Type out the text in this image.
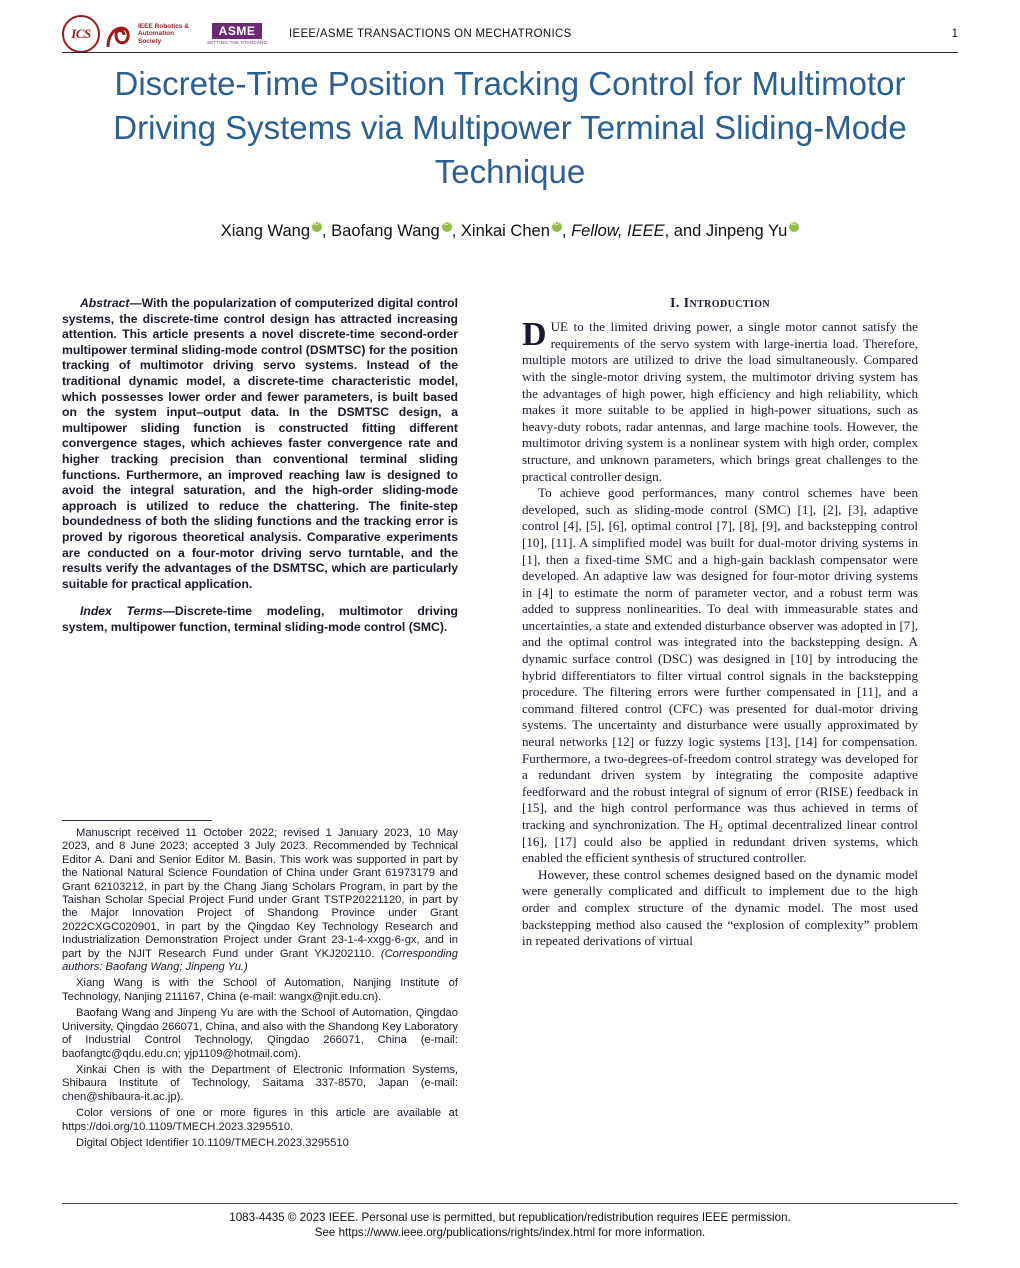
ICS	IEEE Robotics & Automation Society
ASME
SETTING THE STANDARD
IEEE/ASME TRANSACTIONS ON MECHATRONICS	1
Discrete-Time Position Tracking Control for Multimotor Driving Systems via Multipower Terminal Sliding-Mode Technique
Xiang Wang iD , Baofang Wang iD , Xinkai Chen iD , Fellow, IEEE, and Jinpeng YuiD

Abstract—With the popularization of computerized digital control systems, the discrete-time control design has attracted increasing attention. This article presents a novel discrete-time second-order multipower terminal sliding-mode control (DSMTSC) for the position tracking of multimotor driving servo systems. Instead of the traditional dynamic model, a discrete-time characteristic model, which possesses lower order and fewer parameters, is built based on the system input–output data. In the DSMTSC design, a multipower sliding function is constructed fitting different convergence stages, which achieves faster convergence rate and higher tracking precision than conventional terminal sliding functions. Furthermore, an improved reaching law is designed to avoid the integral saturation, and the high-order sliding-mode approach is utilized to reduce the chattering. The finite-step boundedness of both the sliding functions and the tracking error is proved by rigorous theoretical analysis. Comparative experiments are conducted on a four-motor driving servo turntable, and the results verify the advantages of the DSMTSC, which are particularly suitable for practical application.

Index Terms—Discrete-time modeling, multimotor driving system, multipower function, terminal sliding-mode control (SMC).

Manuscript received 11 October 2022; revised 1 January 2023, 10 May 2023, and 8 June 2023; accepted 3 July 2023. Recommended by Technical Editor A. Dani and Senior Editor M. Basin. This work was supported in part by the National Natural Science Foundation of China under Grant 61973179 and Grant 62103212, in part by the Chang Jiang Scholars Program, in part by the Taishan Scholar Special Project Fund under Grant TSTP20221120, in part by the Major Innovation Project of Shandong Province under Grant 2022CXGC020901, in part by the Qingdao Key Technology Research and Industrialization Demonstration Project under Grant 23-1-4-xxgg-6-gx, and in part by the NJIT Research Fund under Grant YKJ202110. (Corresponding authors: Baofang Wang; Jinpeng Yu.)

Xiang Wang is with the School of Automation, Nanjing Institute of Technology, Nanjing 211167, China (e-mail: wangx@njit.edu.cn).

Baofang Wang and Jinpeng Yu are with the School of Automation, Qingdao University, Qingdao 266071, China, and also with the Shandong Key Laboratory of Industrial Control Technology, Qingdao 266071, China (e-mail: baofangtc@qdu.edu.cn; yjp1109@hotmail.com).

Xinkai Chen is with the Department of Electronic Information Systems, Shibaura Institute of Technology, Saitama 337-8570, Japan (e-mail: chen@shibaura-it.ac.jp).

Color versions of one or more figures in this article are available at https://doi.org/10.1109/TMECH.2023.3295510.

Digital Object Identifier 10.1109/TMECH.2023.3295510

I. Introduction

DUE to the limited driving power, a single motor cannot satisfy the requirements of the servo system with large-inertia load. Therefore, multiple motors are utilized to drive the load simultaneously. Compared with the single-motor driving system, the multimotor driving system has the advantages of high power, high efficiency and high reliability, which makes it more suitable to be applied in high-power situations, such as heavy-duty robots, radar antennas, and large machine tools. However, the multimotor driving system is a nonlinear system with high order, complex structure, and unknown parameters, which brings great challenges to the practical controller design.

To achieve good performances, many control schemes have been developed, such as sliding-mode control (SMC) [1], [2], [3], adaptive control [4], [5], [6], optimal control [7], [8], [9], and backstepping control [10], [11]. A simplified model was built for dual-motor driving systems in [1], then a fixed-time SMC and a high-gain backlash compensator were developed. An adaptive law was designed for four-motor driving systems in [4] to estimate the norm of parameter vector, and a robust term was added to suppress nonlinearities. To deal with immeasurable states and uncertainties, a state and extended disturbance observer was adopted in [7], and the optimal control was integrated into the backstepping design. A dynamic surface control (DSC) was designed in [10] by introducing the hybrid differentiators to filter virtual control signals in the backstepping procedure. The filtering errors were further compensated in [11], and a command filtered control (CFC) was presented for dual-motor driving systems. The uncertainty and disturbance were usually approximated by neural networks [12] or fuzzy logic systems [13], [14] for compensation. Furthermore, a two-degrees-of-freedom control strategy was developed for a redundant driven system by integrating the composite adaptive feedforward and the robust integral of signum of error (RISE) feedback in [15], and the high control performance was thus achieved in terms of tracking and synchronization. The H₂ optimal decentralized linear control [16], [17] could also be applied in redundant driven systems, which enabled the efficient synthesis of structured controller.

However, these control schemes designed based on the dynamic model were generally complicated and difficult to implement due to the high order and complex structure of the dynamic model. The most used backstepping method also caused the “explosion of complexity” problem in repeated derivations of virtual

1083-4435 © 2023 IEEE. Personal use is permitted, but republication/redistribution requires IEEE permission.
See https://www.ieee.org/publications/rights/index.html for more information.
